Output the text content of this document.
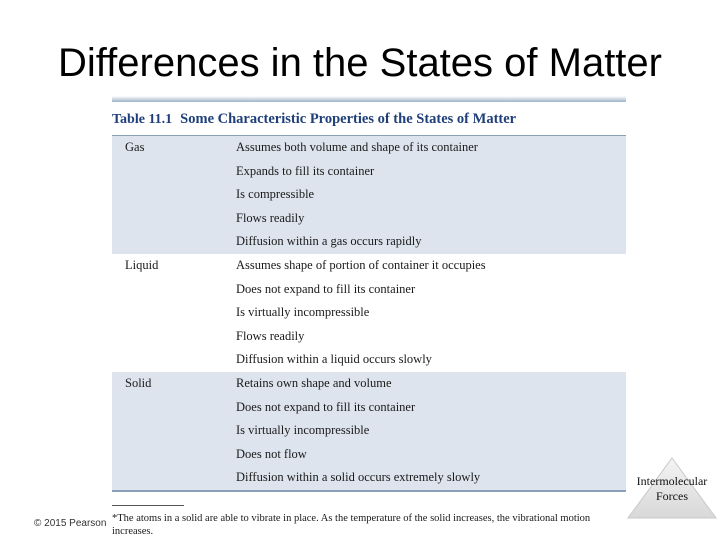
Differences in the States of Matter
Table 11.1 Some Characteristic Properties of the States of Matter
Gas	Assumes both volume and shape of its container
Expands to fill its container
Is compressible
Flows readily
Diffusion within a gas occurs rapidly
Liquid	Assumes shape of portion of container it occupies
Does not expand to fill its container
Is virtually incompressible
Flows readily
Diffusion within a liquid occurs slowly
Solid	Retains own shape and volume
Does not expand to fill its container
Is virtually incompressible
Does not flow
Diffusion within a solid occurs extremely slowly
*The atoms in a solid are able to vibrate in place. As the temperature of the solid increases, the vibrational motion increases.
© 2015 Pearson
Intermolecular
Forces
